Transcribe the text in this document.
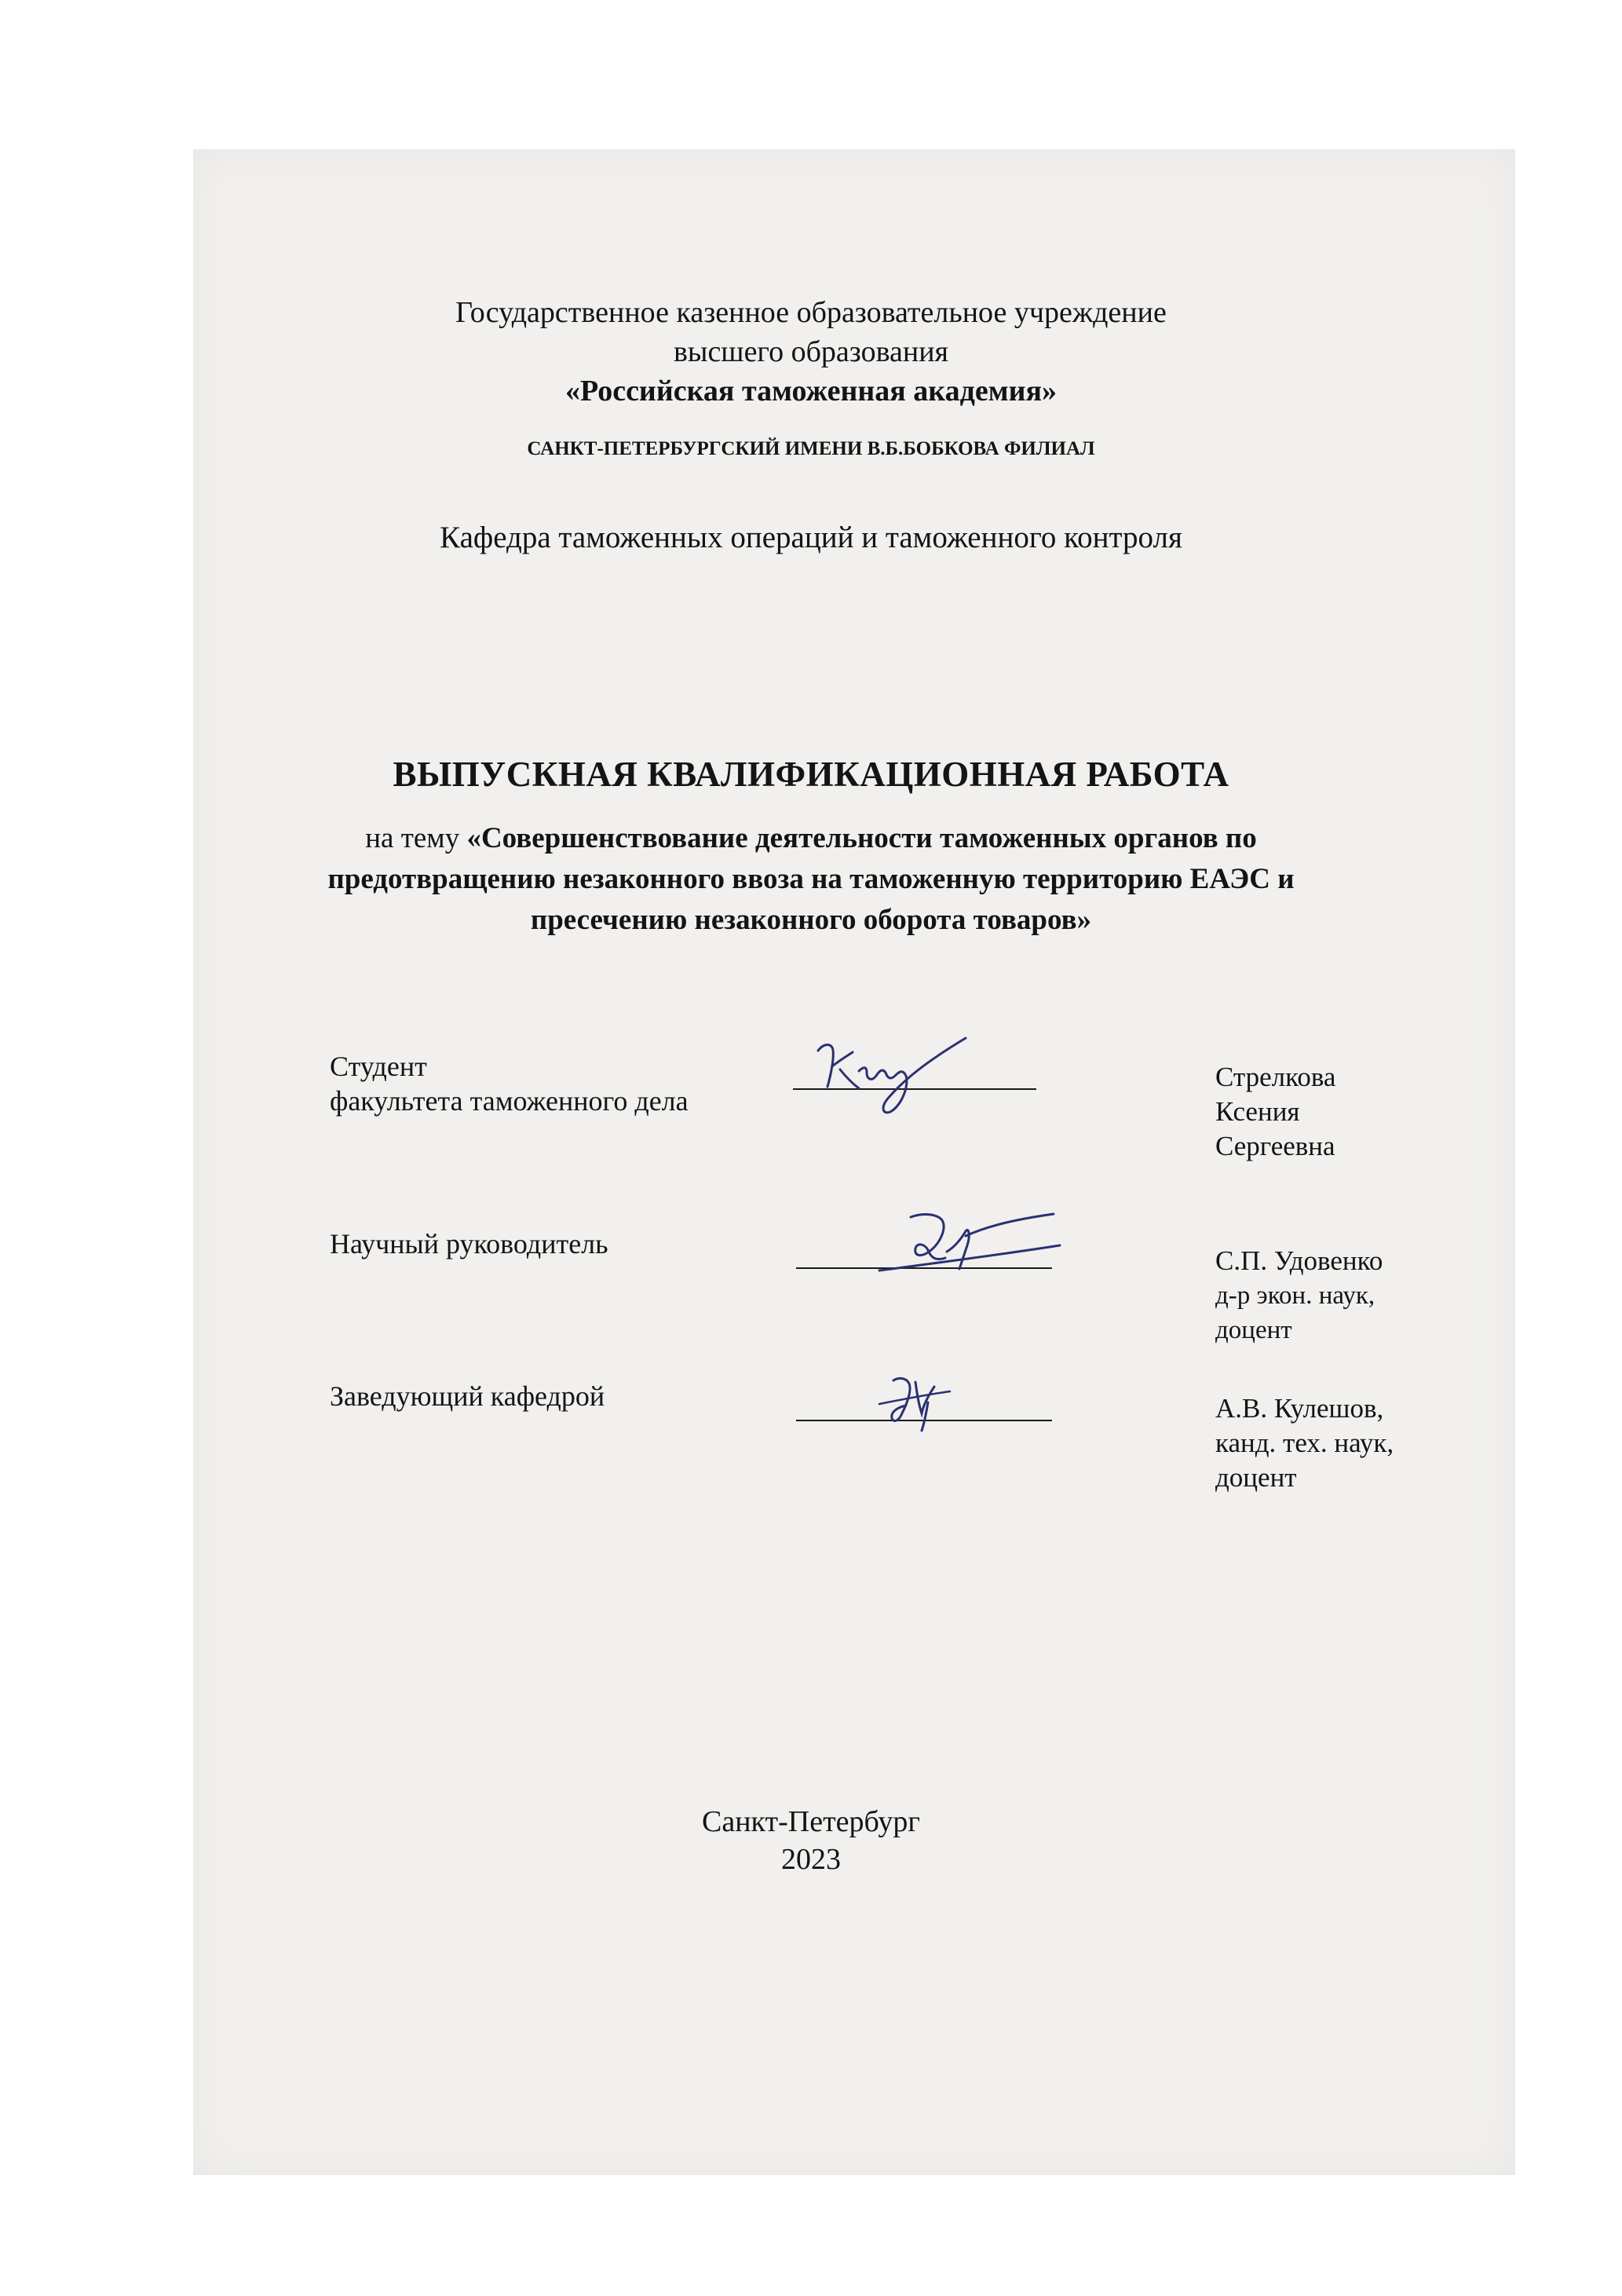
Государственное казенное образовательное учреждение
высшего образования
«Российская таможенная академия»
САНКТ-ПЕТЕРБУРГСКИЙ ИМЕНИ В.Б.БОБКОВА ФИЛИАЛ
Кафедра таможенных операций и таможенного контроля
ВЫПУСКНАЯ КВАЛИФИКАЦИОННАЯ РАБОТА
на тему «Совершенствование деятельности таможенных органов по
предотвращению незаконного ввоза на таможенную территорию ЕАЭС и
пресечению незаконного оборота товаров»
Студент
факультета таможенного дела
Стрелкова
Ксения
Сергеевна
Научный руководитель
С.П. Удовенко
д-р экон. наук,
доцент
Заведующий кафедрой	А.В. Кулешов,
канд. тех. наук,
доцент
Санкт-Петербург
2023
